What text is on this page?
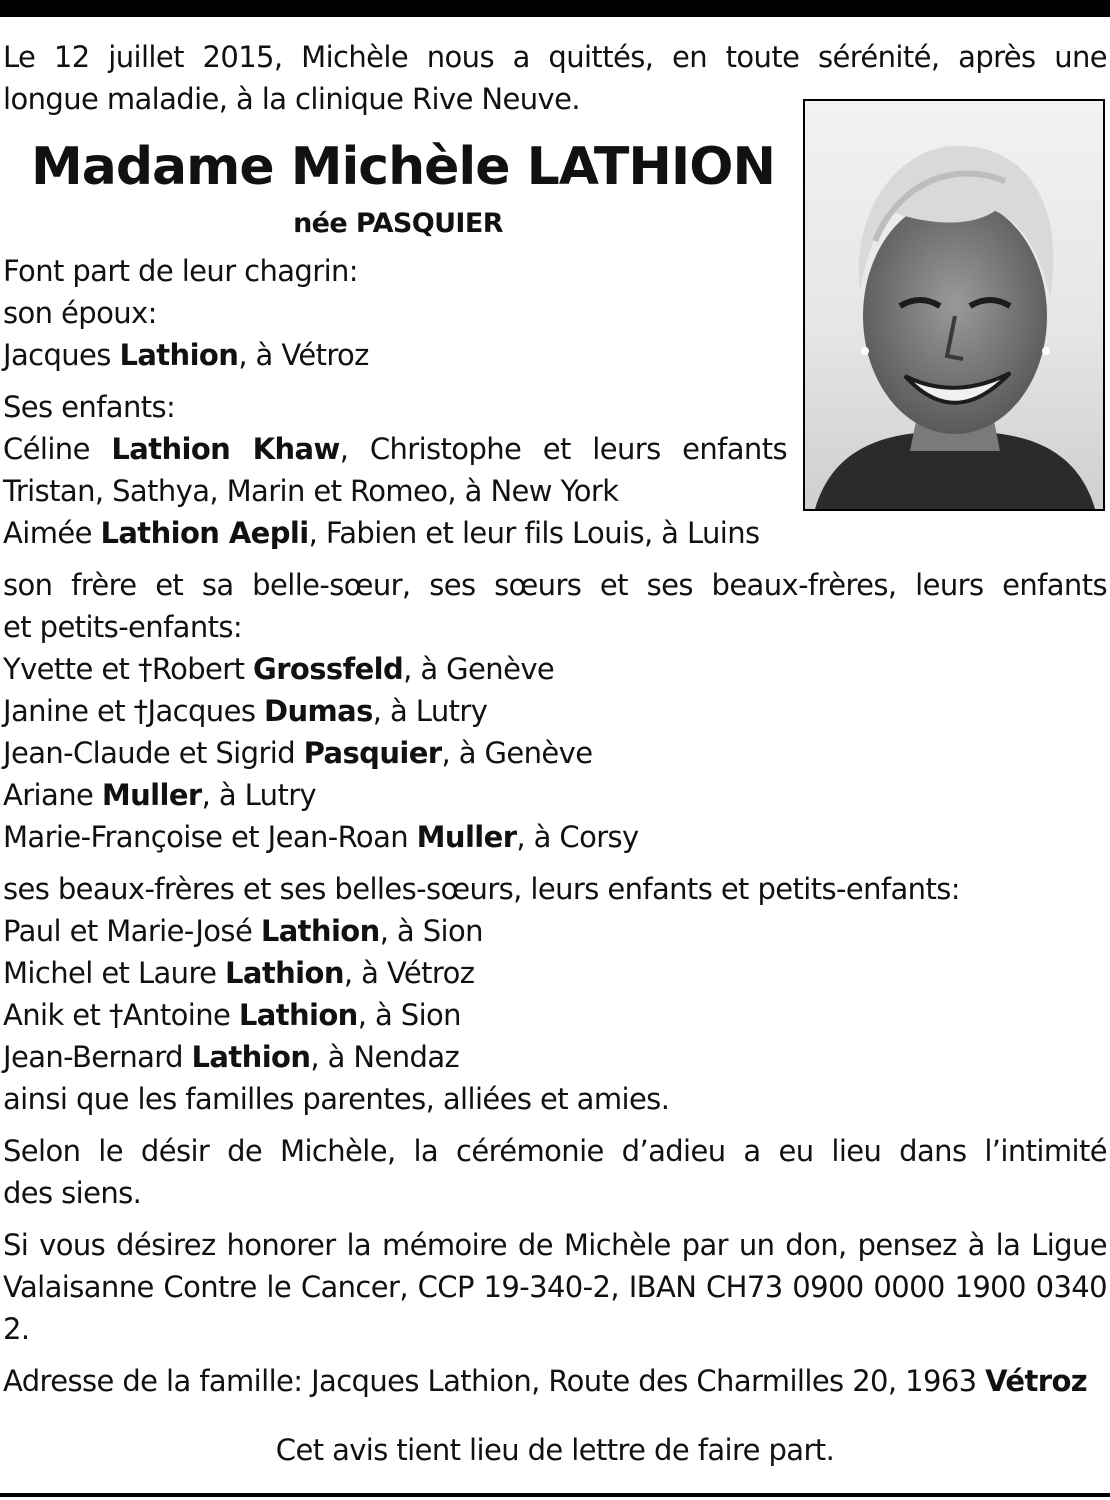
Le 12 juillet 2015, Michèle nous a quittés, en toute sérénité, après une

longue maladie, à la clinique Rive Neuve.

Madame Michèle LATHION

née PASQUIER

Font part de leur chagrin:

son époux:

Jacques Lathion, à Vétroz

Ses enfants:

Céline Lathion Khaw, Christophe et leurs enfants

Tristan, Sathya, Marin et Romeo, à New York

Aimée Lathion Aepli, Fabien et leur fils Louis, à Luins

son frère et sa belle-sœur, ses sœurs et ses beaux-frères, leurs enfants

et petits-enfants:

Yvette et †Robert Grossfeld, à Genève

Janine et †Jacques Dumas, à Lutry

Jean-Claude et Sigrid Pasquier, à Genève

Ariane Muller, à Lutry

Marie-Françoise et Jean-Roan Muller, à Corsy

ses beaux-frères et ses belles-sœurs, leurs enfants et petits-enfants:

Paul et Marie-José Lathion, à Sion

Michel et Laure Lathion, à Vétroz

Anik et †Antoine Lathion, à Sion

Jean-Bernard Lathion, à Nendaz

ainsi que les familles parentes, alliées et amies.

Selon le désir de Michèle, la cérémonie d’adieu a eu lieu dans l’intimité

des siens.

Si vous désirez honorer la mémoire de Michèle par un don, pensez à la Ligue

Valaisanne Contre le Cancer, CCP 19-340-2, IBAN CH73 0900 0000 1900 0340 2.

Adresse de la famille: Jacques Lathion, Route des Charmilles 20, 1963 Vétroz

Cet avis tient lieu de lettre de faire part.
